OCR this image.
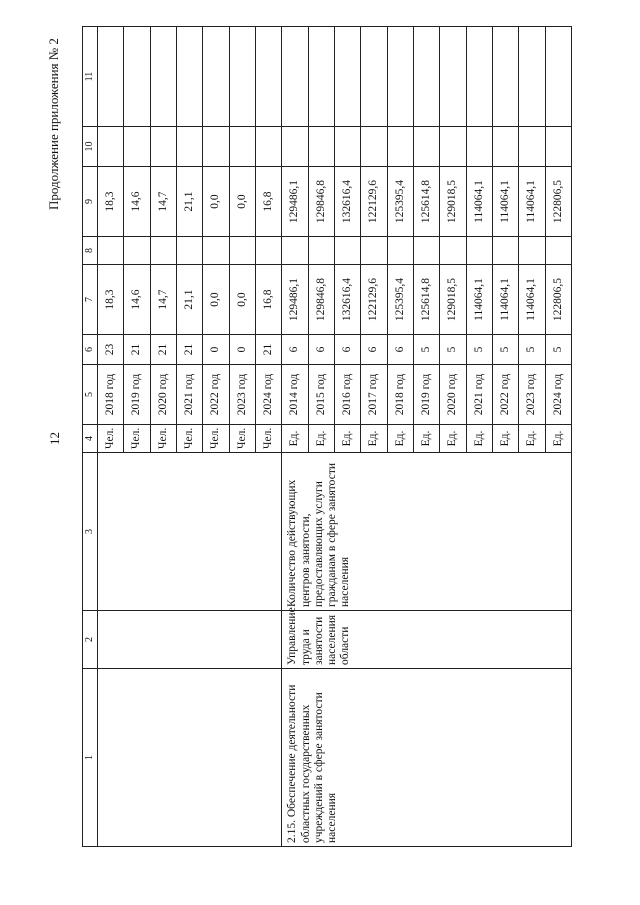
12
Продолжение приложения № 2
1	2	3	4	5	6	7	8	9	10	11
			Чел.	2018 год	23	18,3		18,3		
			Чел.	2019 год	21	14,6		14,6		
			Чел.	2020 год	21	14,7		14,7		
			Чел.	2021 год	21	21,1		21,1		
			Чел.	2022 год	0	0,0		0,0		
			Чел.	2023 год	0	0,0		0,0		
			Чел.	2024 год	21	16,8		16,8		
2.15. Обеспечение деятельности областных государственных учреждений в сфере занятости населения	Управление труда и занятости населения области	Количество действующих центров занятости, предоставляющих услуги гражданам в сфере занятости населения	Ед.	2014 год	6	129486,1		129486,1		
			Ед.	2015 год	6	129846,8		129846,8		
			Ед.	2016 год	6	132616,4		132616,4		
			Ед.	2017 год	6	122129,6		122129,6		
			Ед.	2018 год	6	125395,4		125395,4		
			Ед.	2019 год	5	125614,8		125614,8		
			Ед.	2020 год	5	129018,5		129018,5		
			Ед.	2021 год	5	114064,1		114064,1		
			Ед.	2022 год	5	114064,1		114064,1		
			Ед.	2023 год	5	114064,1		114064,1		
			Ед.	2024 год	5	122806,5		122806,5		
